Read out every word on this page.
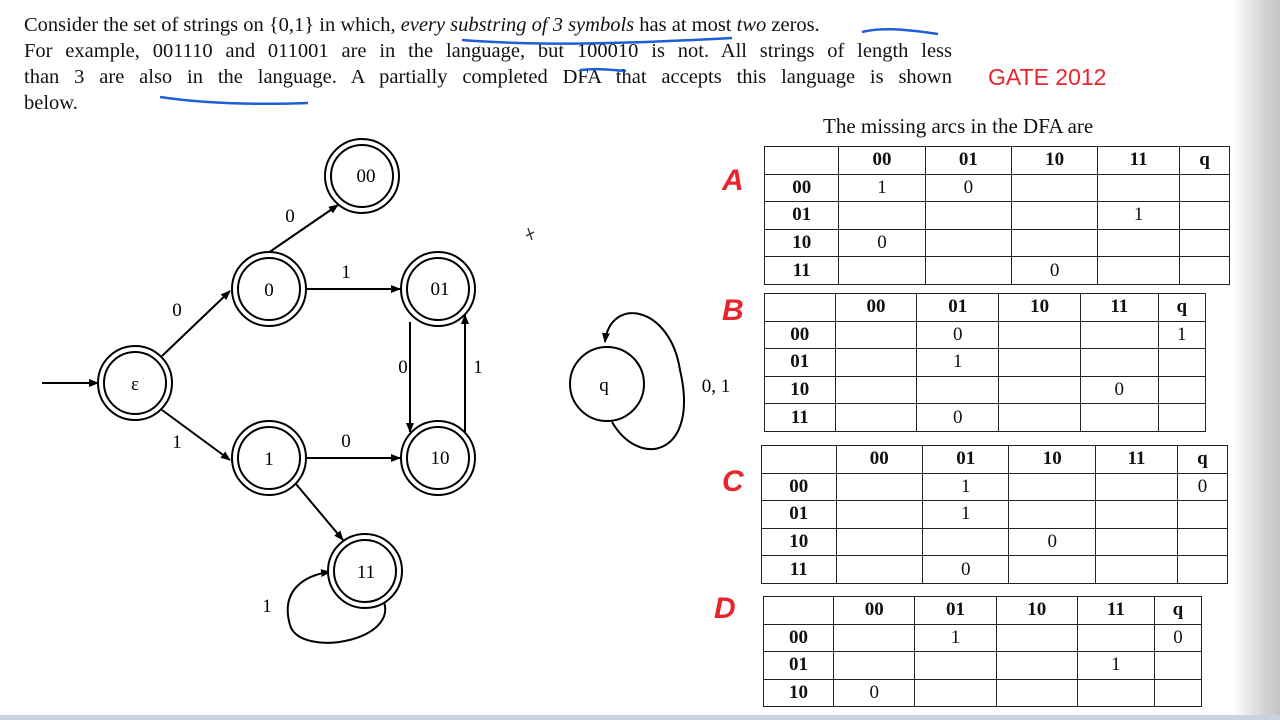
Consider the set of strings on {0,1} in which, every substring of 3 symbols has at most two zeros.
For example, 001110 and 011001 are in the language, but 100010 is not. All strings of length less
than 3 are also in the language. A partially completed DFA that accepts this language is shown
below.
GATE 2012
ε
0
1
00
01
10
11
q
0
1
0
1
0
0	1
1
0, 1
The missing arcs in the DFA are
A
B
C
D
	00	01	10	11	q
00	1	0			
01				1	
10	0				
11			0		
	00	01	10	11	q
00		0			1
01		1			
10				0	
11		0			
	00	01	10	11	q
00		1			0
01		1			
10			0		
11		0			
	00	01	10	11	q
00		1			0
01				1	
10	0				
